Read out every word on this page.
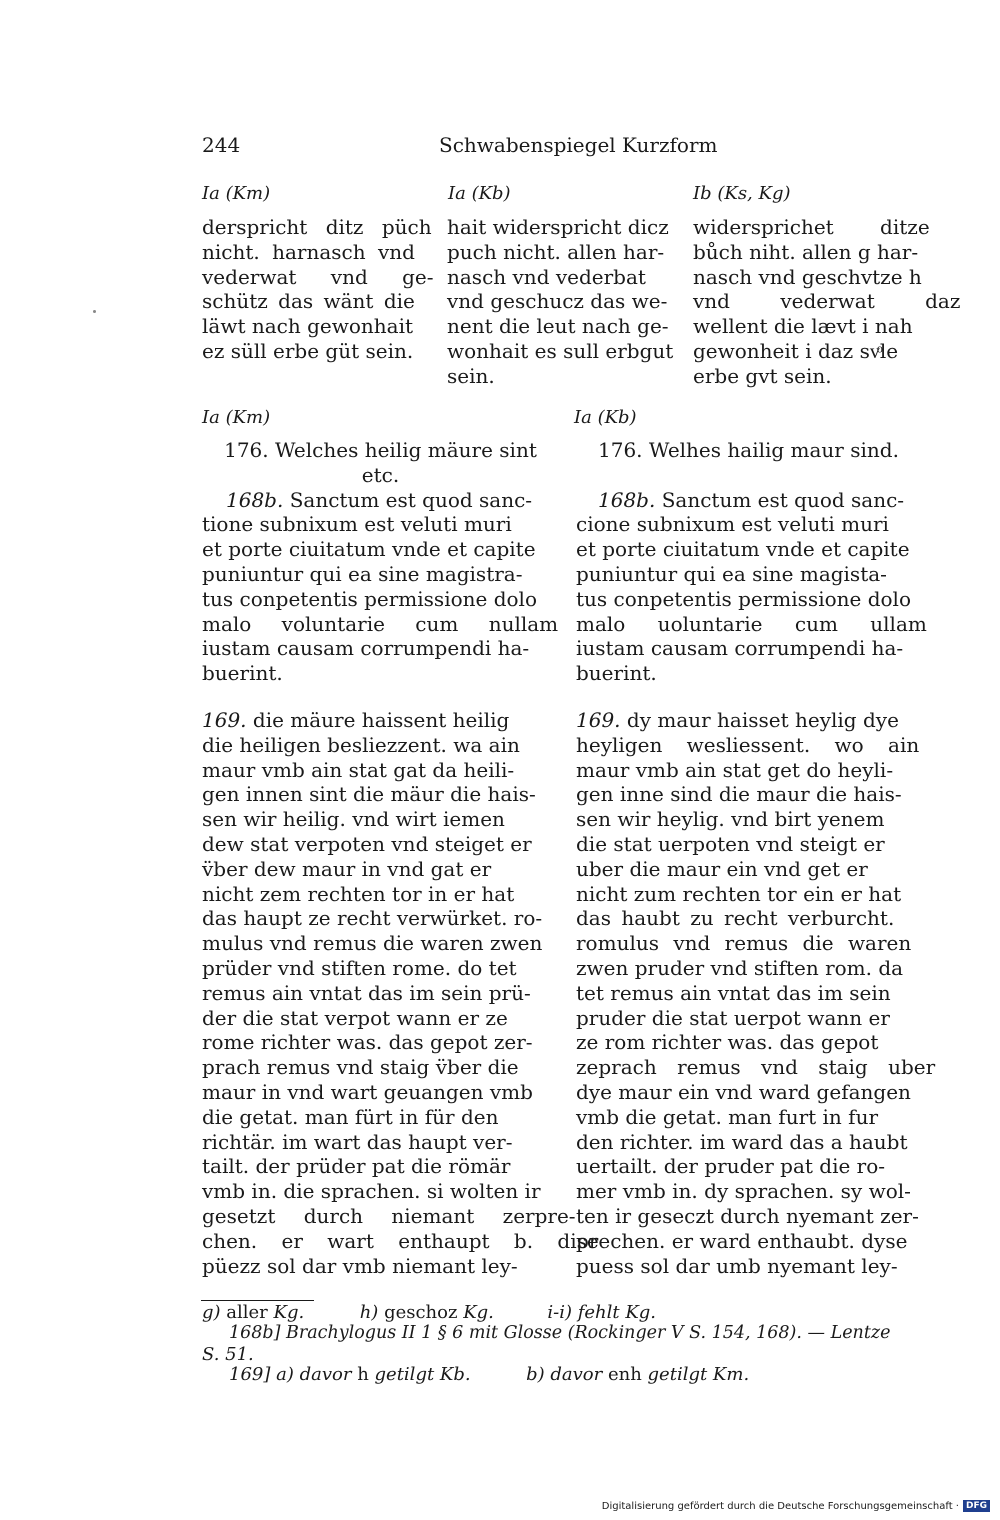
244	Schwabenspiegel Kurzform
Ia (Km)	Ia (Kb)	Ib (Ks, Kg)
derspricht ditz püch
nicht. harnasch vnd
vederwat vnd ge-
schütz das wänt die
läwt nach gewonhait
ez süll erbe güt sein.
hait widerspricht dicz
puch nicht. allen har-
nasch vnd vederbat
vnd geschucz das we-
nent die leut nach ge-
wonhait es sull erbgut
sein.
widersprichet ditze
bůch niht. allen g har-
nasch vnd geschvtze h
vnd vederwat daz
wellent die lævt i nah
gewonheit i daz svͦle
erbe gvt sein.
Ia (Km)	Ia (Kb)
176. Welches heilig mäure sint
etc.
168b. Sanctum est quod sanc-
tione subnixum est veluti muri
et porte ciuitatum vnde et capite
puniuntur qui ea sine magistra-
tus conpetentis permissione dolo
malo voluntarie cum nullam
iustam causam corrumpendi ha-
buerint.
169. die mäure haissent heilig
die heiligen besliezzent. wa ain
maur vmb ain stat gat da heili-
gen innen sint die mäur die hais-
sen wir heilig. vnd wirt iemen
dew stat verpoten vnd steiget er
v̈ber dew maur in vnd gat er
nicht zem rechten tor in er hat
das haupt ze recht verwürket. ro-
mulus vnd remus die waren zwen
prüder vnd stiften rome. do tet
remus ain vntat das im sein prü-
der die stat verpot wann er ze
rome richter was. das gepot zer-
prach remus vnd staig v̈ber die
maur in vnd wart geuangen vmb
die getat. man fürt in für den
richtär. im wart das haupt ver-
tailt. der prüder pat die römär
vmb in. die sprachen. si wolten ir
gesetzt durch niemant zerpre-
chen. er wart enthaupt b. dise
püezz sol dar vmb niemant ley-
176. Welhes hailig maur sind.
168b. Sanctum est quod sanc-
cione subnixum est veluti muri
et porte ciuitatum vnde et capite
puniuntur qui ea sine magista-
tus conpetentis permissione dolo
malo uoluntarie cum ullam
iustam causam corrumpendi ha-
buerint.
169. dy maur haisset heylig dye
heyligen wesliessent. wo ain
maur vmb ain stat get do heyli-
gen inne sind die maur die hais-
sen wir heylig. vnd birt yenem
die stat uerpoten vnd steigt er
uber die maur ein vnd get er
nicht zum rechten tor ein er hat
das haubt zu recht verburcht.
romulus vnd remus die waren
zwen pruder vnd stiften rom. da
tet remus ain vntat das im sein
pruder die stat uerpot wann er
ze rom richter was. das gepot
zeprach remus vnd staig uber
dye maur ein vnd ward gefangen
vmb die getat. man furt in fur
den richter. im ward das a haubt
uertailt. der pruder pat die ro-
mer vmb in. dy sprachen. sy wol-
ten ir geseczt durch nyemant zer-
prechen. er ward enthaubt. dyse
puess sol dar umb nyemant ley-
g) aller Kg.	h) geschoz Kg.	i-i) fehlt Kg.
168b] Brachylogus II 1 § 6 mit Glosse (Rockinger V S. 154, 168). — Lentze
S. 51.
169] a) davor h getilgt Kb.	b) davor enh getilgt Km.
Digitalisierung gefördert durch die Deutsche Forschungsgemeinschaft · DFG
